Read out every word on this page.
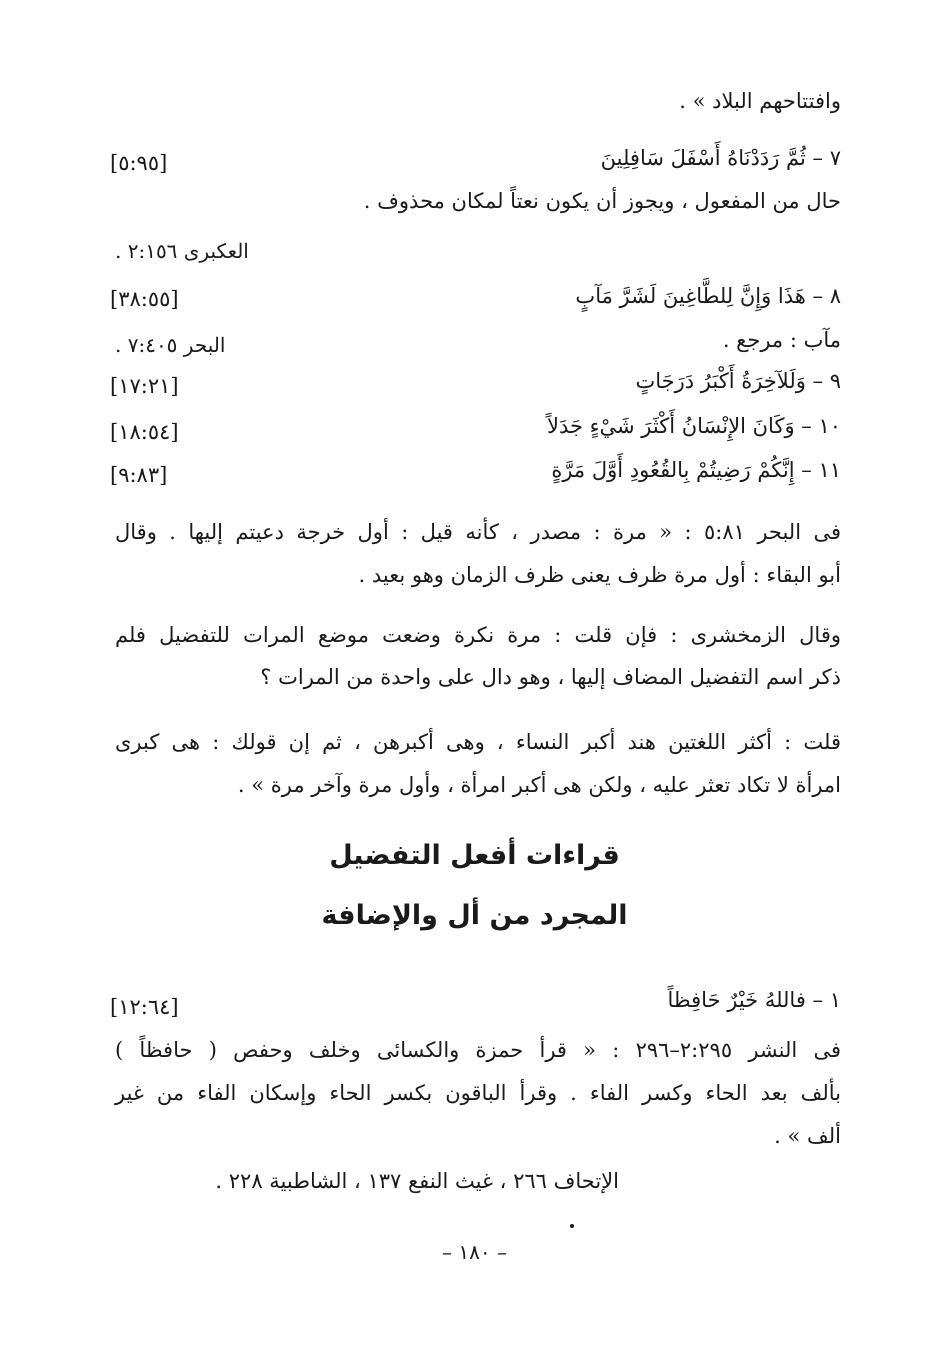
وافتتاحهم البلاد » .
٧ – ثُمَّ رَدَدْنَاهُ أَسْفَلَ سَافِلِينَ
[٥:٩٥]
حال من المفعول ، ويجوز أن يكون نعتاً لمكان محذوف .
العكبرى ٢:١٥٦ .
٨ – هَذَا وَإِنَّ لِلطَّاغِينَ لَشَرَّ مَآبٍ
[٣٨:٥٥]
مآب : مرجع .
البحر ٧:٤٠٥ .
٩ – وَلَلآخِرَةُ أَكْبَرُ دَرَجَاتٍ
[١٧:٢١]
١٠ – وَكَانَ الإِنْسَانُ أَكْثَرَ شَيْءٍ جَدَلاً
[١٨:٥٤]
١١ – إِنَّكُمْ رَضِيتُمْ بِالقُعُودِ أَوَّلَ مَرَّةٍ
[٩:٨٣]
فى البحر ٥:٨١ : « مرة : مصدر ، كأنه قيل : أول خرجة دعيتم إليها . وقال
أبو البقاء : أول مرة ظرف يعنى ظرف الزمان وهو بعيد .
وقال الزمخشرى : فإن قلت : مرة نكرة وضعت موضع المرات للتفضيل فلم
ذكر اسم التفضيل المضاف إليها ، وهو دال على واحدة من المرات ؟
قلت : أكثر اللغتين هند أكبر النساء ، وهى أكبرهن ، ثم إن قولك : هى كبرى
امرأة لا تكاد تعثر عليه ، ولكن هى أكبر امرأة ، وأول مرة وآخر مرة » .
قراءات أفعل التفضيل
المجرد من أل والإضافة
١ – فاللهُ خَيْرٌ حَافِظاً
[١٢:٦٤]
فى النشر ٢:٢٩٥–٢٩٦ : « قرأ حمزة والكسائى وخلف وحفص ( حافظاً )
بألف بعد الحاء وكسر الفاء . وقرأ الباقون بكسر الحاء وإسكان الفاء من غير
ألف » .
الإتحاف ٢٦٦ ، غيث النفع ١٣٧ ، الشاطبية ٢٢٨ .
– ١٨٠ –
